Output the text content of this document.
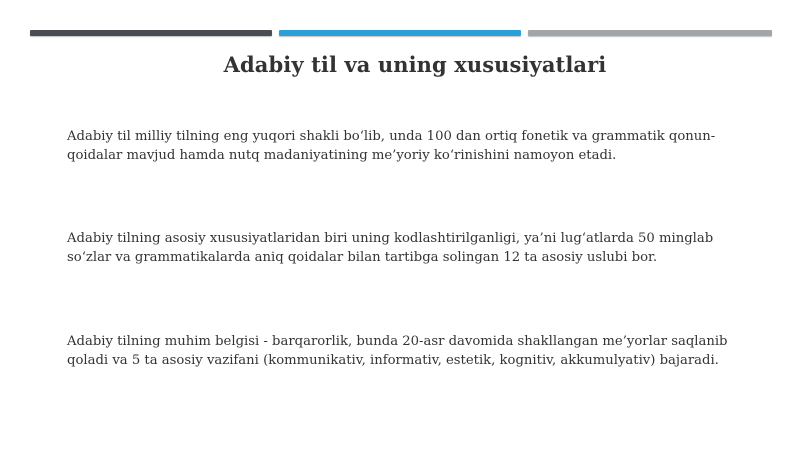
Adabiy til va uning xususiyatlari

Adabiy til milliy tilning eng yuqori shakli bo‘lib, unda 100 dan ortiq fonetik va grammatik qonun-qoidalar mavjud hamda nutq madaniyatining me’yoriy ko‘rinishini namoyon etadi.

Adabiy tilning asosiy xususiyatlaridan biri uning kodlashtirilganligi, ya’ni lug‘atlarda 50 minglab so‘zlar va grammatikalarda aniq qoidalar bilan tartibga solingan 12 ta asosiy uslubi bor.

Adabiy tilning muhim belgisi - barqarorlik, bunda 20-asr davomida shakllangan me’yorlar saqlanib qoladi va 5 ta asosiy vazifani (kommunikativ, informativ, estetik, kognitiv, akkumulyativ) bajaradi.
